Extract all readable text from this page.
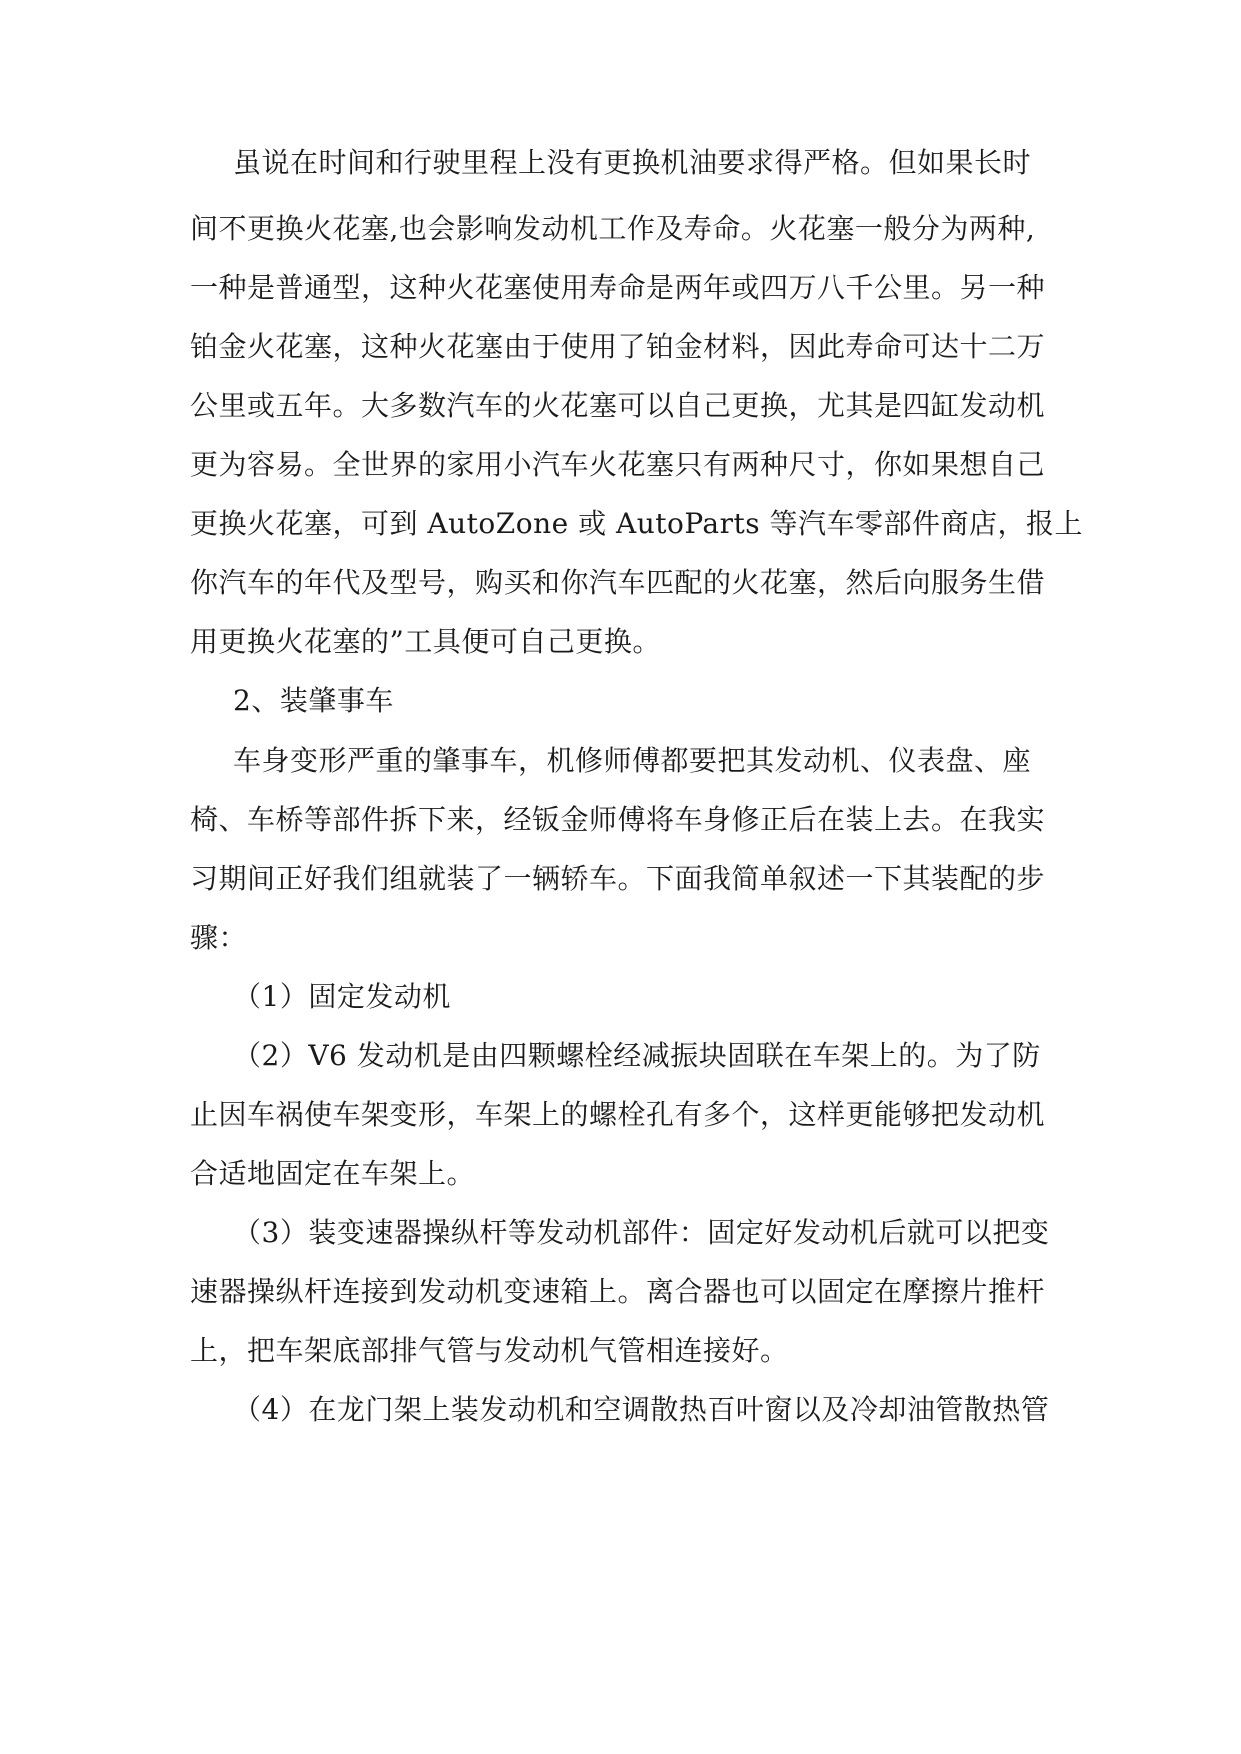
虽说在时间和行驶里程上没有更换机油要求得严格。但如果长时
间不更换火花塞,也会影响发动机工作及寿命。火花塞一般分为两种,
一种是普通型，这种火花塞使用寿命是两年或四万八千公里。另一种
铂金火花塞，这种火花塞由于使用了铂金材料，因此寿命可达十二万
公里或五年。大多数汽车的火花塞可以自己更换，尤其是四缸发动机
更为容易。全世界的家用小汽车火花塞只有两种尺寸，你如果想自己
更换火花塞，可到 AutoZone 或 AutoParts 等汽车零部件商店，报上
你汽车的年代及型号，购买和你汽车匹配的火花塞，然后向服务生借
用更换火花塞的”工具便可自己更换。
2、装肇事车
车身变形严重的肇事车，机修师傅都要把其发动机、仪表盘、座
椅、车桥等部件拆下来，经钣金师傅将车身修正后在装上去。在我实
习期间正好我们组就装了一辆轿车。下面我简单叙述一下其装配的步
骤：
（1）固定发动机
（2）V6 发动机是由四颗螺栓经减振块固联在车架上的。为了防
止因车祸使车架变形，车架上的螺栓孔有多个，这样更能够把发动机
合适地固定在车架上。
（3）装变速器操纵杆等发动机部件：固定好发动机后就可以把变
速器操纵杆连接到发动机变速箱上。离合器也可以固定在摩擦片推杆
上，把车架底部排气管与发动机气管相连接好。
（4）在龙门架上装发动机和空调散热百叶窗以及冷却油管散热管
